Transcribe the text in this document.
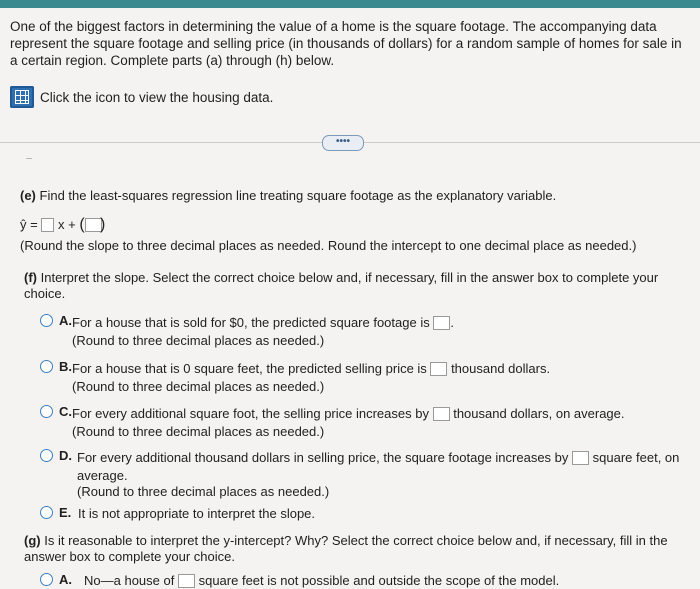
One of the biggest factors in determining the value of a home is the square footage. The accompanying data represent the square footage and selling price (in thousands of dollars) for a random sample of homes for sale in a certain region. Complete parts (a) through (h) below.
Click the icon to view the housing data.
••••
(e) Find the least-squares regression line treating square footage as the explanatory variable.
ŷ = x + (
)
(Round the slope to three decimal places as needed. Round the intercept to one decimal place as needed.)
(f) Interpret the slope. Select the correct choice below and, if necessary, fill in the answer box to complete your
choice.
A. For a house that is sold for $0, the predicted square footage is .
(Round to three decimal places as needed.)
B. For a house that is 0 square feet, the predicted selling price is thousand dollars.
(Round to three decimal places as needed.)
C. For every additional square foot, the selling price increases by thousand dollars, on average.
(Round to three decimal places as needed.)
D. For every additional thousand dollars in selling price, the square footage increases by square feet, on
average.
(Round to three decimal places as needed.)
E. It is not appropriate to interpret the slope.
(g) Is it reasonable to interpret the y-intercept? Why? Select the correct choice below and, if necessary, fill in the
answer box to complete your choice.
A. No—a house of square feet is not possible and outside the scope of the model.
